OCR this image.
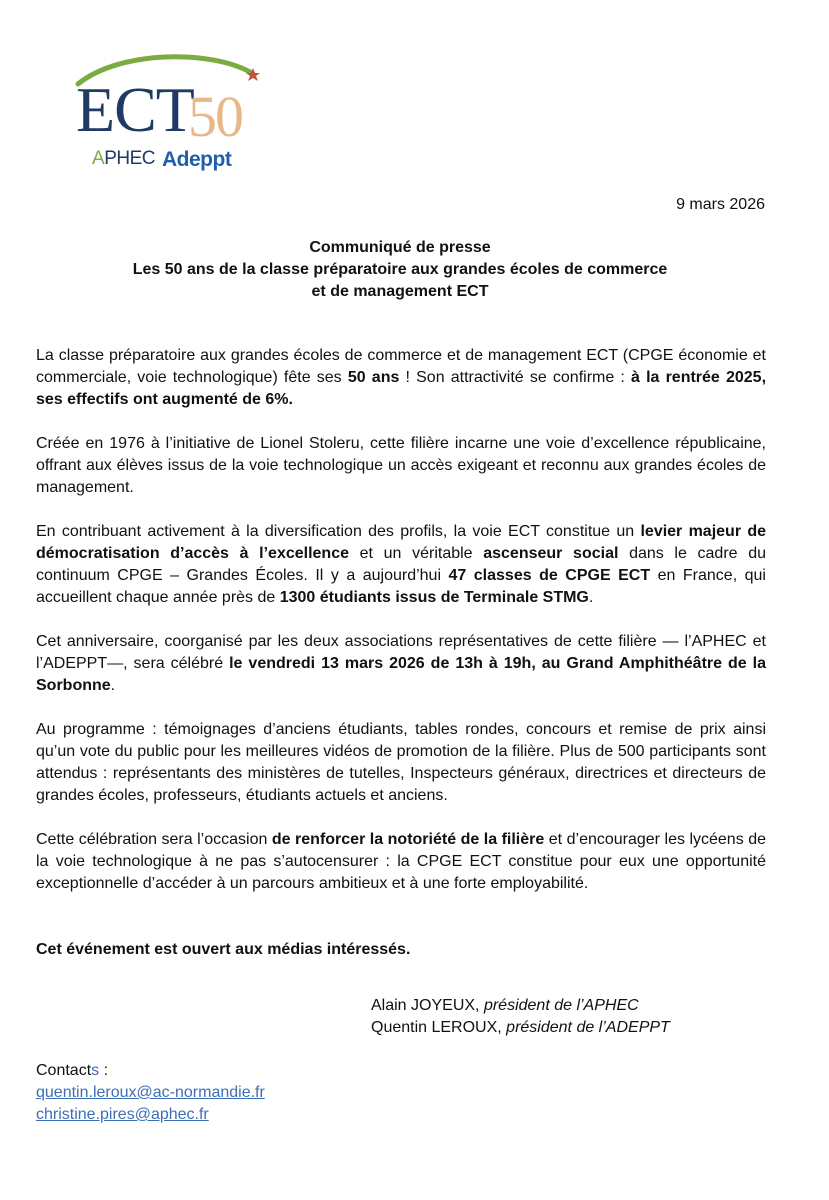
ECT
50
APHEC Adeppt
9 mars 2026
Communiqué de presse
Les 50 ans de la classe préparatoire aux grandes écoles de commerce
et de management ECT

La classe préparatoire aux grandes écoles de commerce et de management ECT (CPGE économie et commerciale, voie technologique) fête ses 50 ans ! Son attractivité se confirme : à la rentrée 2025, ses effectifs ont augmenté de 6%.

Créée en 1976 à l’initiative de Lionel Stoleru, cette filière incarne une voie d’excellence républicaine, offrant aux élèves issus de la voie technologique un accès exigeant et reconnu aux grandes écoles de management.

En contribuant activement à la diversification des profils, la voie ECT constitue un levier majeur de démocratisation d’accès à l’excellence et un véritable ascenseur social dans le cadre du continuum CPGE – Grandes Écoles. Il y a aujourd’hui 47 classes de CPGE ECT en France, qui accueillent chaque année près de 1300 étudiants issus de Terminale STMG.

Cet anniversaire, coorganisé par les deux associations représentatives de cette filière — l’APHEC et l’ADEPPT—, sera célébré le vendredi 13 mars 2026 de 13h à 19h, au Grand Amphithéâtre de la Sorbonne.

Au programme : témoignages d’anciens étudiants, tables rondes, concours et remise de prix ainsi qu’un vote du public pour les meilleures vidéos de promotion de la filière. Plus de 500 participants sont attendus : représentants des ministères de tutelles, Inspecteurs généraux, directrices et directeurs de grandes écoles, professeurs, étudiants actuels et anciens.

Cette célébration sera l’occasion de renforcer la notoriété de la filière et d’encourager les lycéens de la voie technologique à ne pas s’autocensurer : la CPGE ECT constitue pour eux une opportunité exceptionnelle d’accéder à un parcours ambitieux et à une forte employabilité.

Cet événement est ouvert aux médias intéressés.

Alain JOYEUX, président de l’APHEC
Quentin LEROUX, président de l’ADEPPT
Contacts :
quentin.leroux@ac-normandie.fr
christine.pires@aphec.fr
